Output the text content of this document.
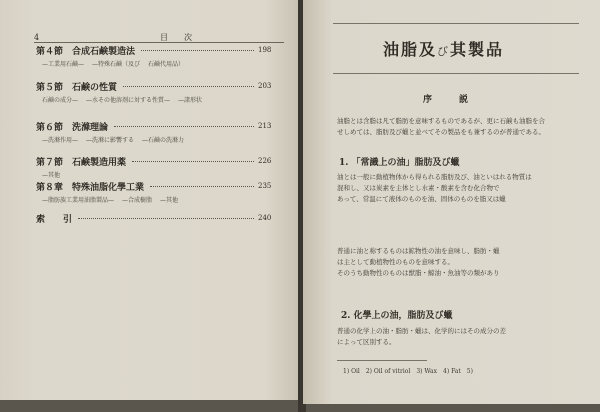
4	目　次
第４節　合成石鹸製造法	198
—工業用石鹸— —特殊石鹸（及び 石鹸代用品）
第５節　石鹸の性質	203
石鹸の成分— —水その他溶剤に対する性質— —諸形状
第６節　洗滌理論	213
—洗滌作用— —洗滌に影響する —石鹸の洗滌力
第７節　石鹸製造用薬	226
—其他
第８章　特殊油脂化學工業	235
—脂肪族工業用油脂製品— —合成樹脂 —其他
索　　引	240
油脂及び其製品
序　　説
油脂とは含脂は凡て脂肪を意味するものであるが、更に石鹸も油脂を合
せしめては、脂肪及び蠟と並べてその製品をも兼するのが普通である。
1. 「常識上の油」脂肪及び蠟
油とは一般に動植物体から得られる脂肪及び、油といはれる物質は
混和し、又は炭素を主体とし水素・酸素を含む化合物で
あって、常温にて液体のものを油、固体のものを脂又は蠟
普通に油と称するものは鉱物性の油を意味し、脂肪・蠟
は主として動植物性のものを意味する。
そのうち動物性のものは獣脂・鯨油・魚油等の類があり
2. 化學上の油，脂肪及び蠟
普通の化学上の油・脂肪・蠟は、化学的にはその成分の差
によって区別する。
1) Oil　2) Oil of vitriol　3) Wax　4) Fat　5)
